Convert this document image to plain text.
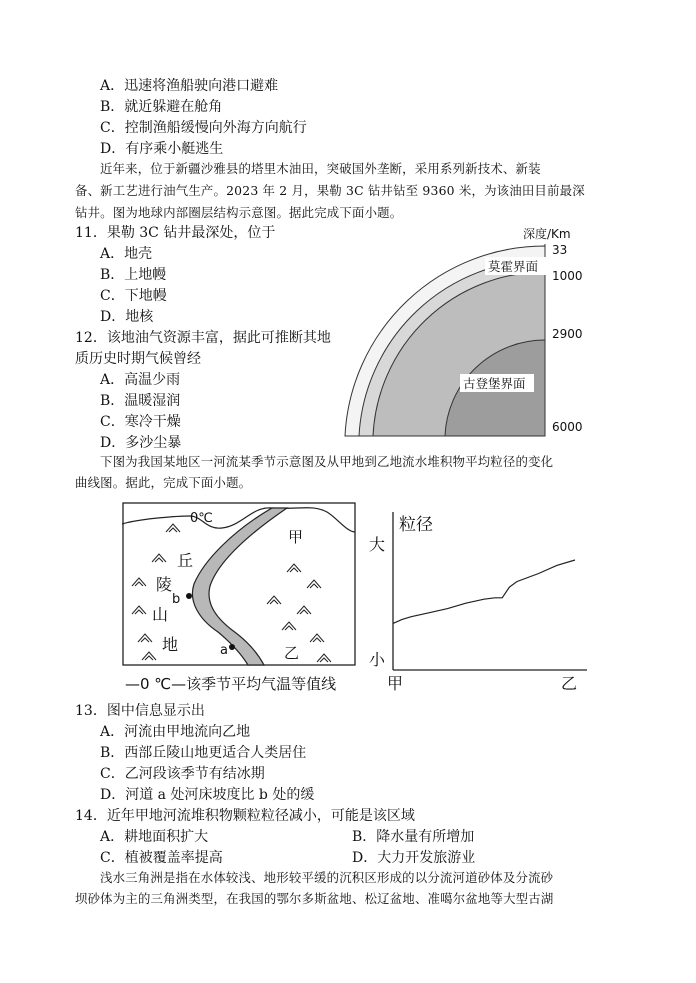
A．迅速将渔船驶向港口避难
B．就近躲避在舱角
C．控制渔船缓慢向外海方向航行
D．有序乘小艇逃生
近年来，位于新疆沙雅县的塔里木油田，突破国外垄断，采用系列新技术、新装
备、新工艺进行油气生产。2023 年 2 月，果勒 3C 钻井钻至 9360 米，为该油田目前最深
钻井。图为地球内部圈层结构示意图。据此完成下面小题。
11．果勒 3C 钻井最深处，位于
A．地壳
B．上地幔
C．下地幔
D．地核
12．该地油气资源丰富，据此可推断其地
质历史时期气候曾经
A．高温少雨
B．温暖湿润
C．寒冷干燥
D．多沙尘暴
深度/Km
33
1000
2900
6000
莫霍界面
古登堡界面
下图为我国某地区一河流某季节示意图及从甲地到乙地流水堆积物平均粒径的变化
曲线图。据此，完成下面小题。
0℃
b
a
甲
乙
丘
陵
山
地
—0 ℃—该季节平均气温等值线
粒径
大
小
甲	乙
13．图中信息显示出
A．河流由甲地流向乙地
B．西部丘陵山地更适合人类居住
C．乙河段该季节有结冰期
D．河道 a 处河床坡度比 b 处的缓
14．近年甲地河流堆积物颗粒粒径减小，可能是该区域
A．耕地面积扩大	B．降水量有所增加
C．植被覆盖率提高	D．大力开发旅游业
浅水三角洲是指在水体较浅、地形较平缓的沉积区形成的以分流河道砂体及分流砂
坝砂体为主的三角洲类型，在我国的鄂尔多斯盆地、松辽盆地、准噶尔盆地等大型古湖
